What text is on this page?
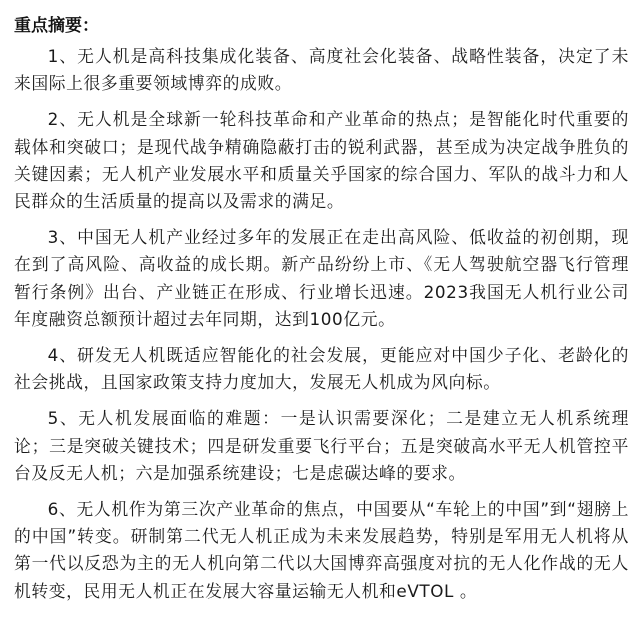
重点摘要：

1、无人机是高科技集成化装备、高度社会化装备、战略性装备，决定了未来国际上很多重要领域博弈的成败。

2、无人机是全球新一轮科技革命和产业革命的热点；是智能化时代重要的载体和突破口；是现代战争精确隐蔽打击的锐利武器，甚至成为决定战争胜负的关键因素；无人机产业发展水平和质量关乎国家的综合国力、军队的战斗力和人民群众的生活质量的提高以及需求的满足。

3、中国无人机产业经过多年的发展正在走出高风险、低收益的初创期，现在到了高风险、高收益的成长期。新产品纷纷上市、《无人驾驶航空器飞行管理暂行条例》出台、产业链正在形成、行业增长迅速。2023我国无人机行业公司年度融资总额预计超过去年同期，达到100亿元。

4、研发无人机既适应智能化的社会发展，更能应对中国少子化、老龄化的社会挑战，且国家政策支持力度加大，发展无人机成为风向标。

5、无人机发展面临的难题：一是认识需要深化；二是建立无人机系统理论；三是突破关键技术；四是研发重要飞行平台；五是突破高水平无人机管控平台及反无人机；六是加强系统建设；七是虑碳达峰的要求。

6、无人机作为第三次产业革命的焦点，中国要从“车轮上的中国”到“翅膀上的中国”转变。研制第二代无人机正成为未来发展趋势，特别是军用无人机将从第一代以反恐为主的无人机向第二代以大国博弈高强度对抗的无人化作战的无人机转变，民用无人机正在发展大容量运输无人机和eVTOL 。
